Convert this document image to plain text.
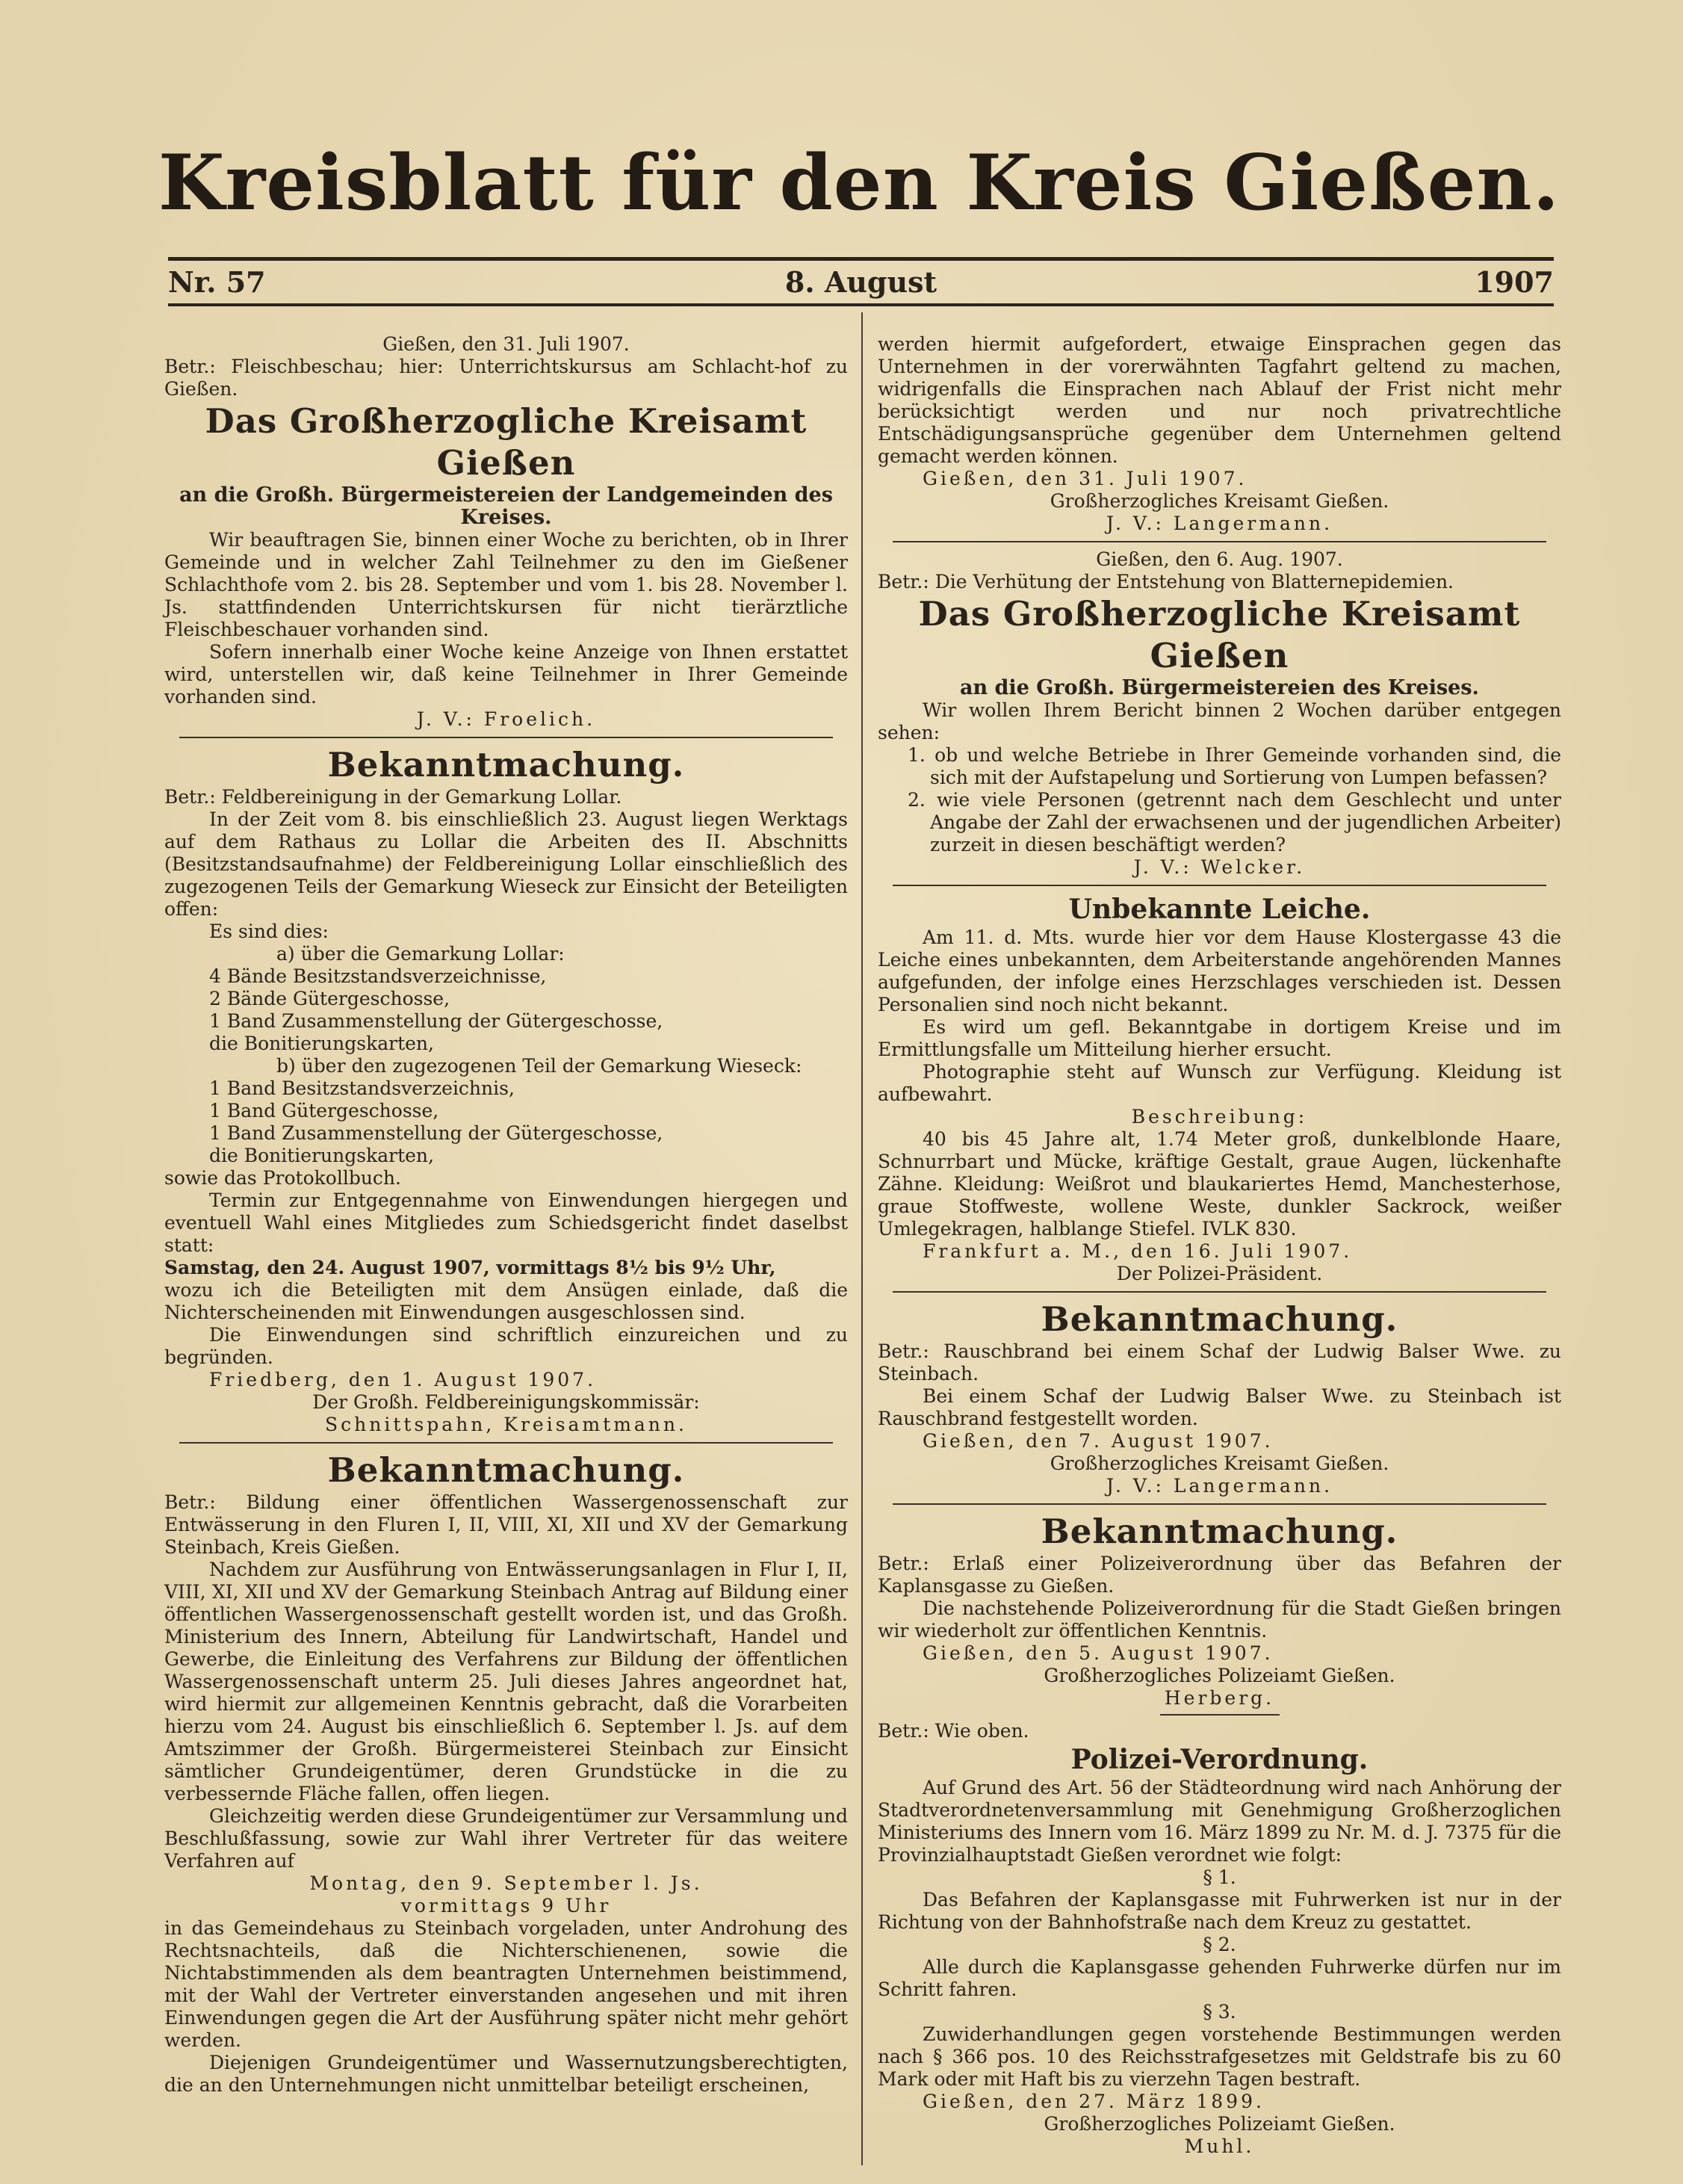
Kreisblatt für den Kreis Gießen.
Nr. 57	8. August	1907

Gießen, den 31. Juli 1907.

Betr.: Fleischbeschau; hier: Unterrichtskursus am Schlacht-hof zu Gießen.

Das Großherzogliche Kreisamt Gießen

an die Großh. Bürgermeistereien der Landgemeinden des Kreises.

Wir beauftragen Sie, binnen einer Woche zu berichten, ob in Ihrer Gemeinde und in welcher Zahl Teilnehmer zu den im Gießener Schlachthofe vom 2. bis 28. September und vom 1. bis 28. November l. Js. stattfindenden Unterrichtskursen für nicht tierärztliche Fleischbeschauer vorhanden sind.

Sofern innerhalb einer Woche keine Anzeige von Ihnen erstattet wird, unterstellen wir, daß keine Teilnehmer in Ihrer Gemeinde vorhanden sind.

J. V.: Froelich.

Bekanntmachung.

Betr.: Feldbereinigung in der Gemarkung Lollar.

In der Zeit vom 8. bis einschließlich 23. August liegen Werktags auf dem Rathaus zu Lollar die Arbeiten des II. Abschnitts (Besitzstandsaufnahme) der Feldbereinigung Lollar einschließlich des zugezogenen Teils der Gemarkung Wieseck zur Einsicht der Beteiligten offen:

Es sind dies:

a) über die Gemarkung Lollar:

4 Bände Besitzstandsverzeichnisse,

2 Bände Gütergeschosse,

1 Band Zusammenstellung der Gütergeschosse,

die Bonitierungskarten,

b) über den zugezogenen Teil der Gemarkung Wieseck:

1 Band Besitzstandsverzeichnis,

1 Band Gütergeschosse,

1 Band Zusammenstellung der Gütergeschosse,

die Bonitierungskarten,

sowie das Protokollbuch.

Termin zur Entgegennahme von Einwendungen hiergegen und eventuell Wahl eines Mitgliedes zum Schiedsgericht findet daselbst statt:

Samstag, den 24. August 1907, vormittags 8½ bis 9½ Uhr,

wozu ich die Beteiligten mit dem Ansügen einlade, daß die Nichterscheinenden mit Einwendungen ausgeschlossen sind.

Die Einwendungen sind schriftlich einzureichen und zu begründen.

Friedberg, den 1. August 1907.

Der Großh. Feldbereinigungskommissär:

Schnittspahn, Kreisamtmann.

Bekanntmachung.

Betr.: Bildung einer öffentlichen Wassergenossenschaft zur Entwässerung in den Fluren I, II, VIII, XI, XII und XV der Gemarkung Steinbach, Kreis Gießen.

Nachdem zur Ausführung von Entwässerungsanlagen in Flur I, II, VIII, XI, XII und XV der Gemarkung Steinbach Antrag auf Bildung einer öffentlichen Wassergenossenschaft gestellt worden ist, und das Großh. Ministerium des Innern, Abteilung für Landwirtschaft, Handel und Gewerbe, die Einleitung des Verfahrens zur Bildung der öffentlichen Wassergenossenschaft unterm 25. Juli dieses Jahres angeordnet hat, wird hiermit zur allgemeinen Kenntnis gebracht, daß die Vorarbeiten hierzu vom 24. August bis einschließlich 6. September l. Js. auf dem Amtszimmer der Großh. Bürgermeisterei Steinbach zur Einsicht sämtlicher Grundeigentümer, deren Grundstücke in die zu verbessernde Fläche fallen, offen liegen.

Gleichzeitig werden diese Grundeigentümer zur Versammlung und Beschlußfassung, sowie zur Wahl ihrer Vertreter für das weitere Verfahren auf

Montag, den 9. September l. Js.

vormittags 9 Uhr

in das Gemeindehaus zu Steinbach vorgeladen, unter Androhung des Rechtsnachteils, daß die Nichterschienenen, sowie die Nichtabstimmenden als dem beantragten Unternehmen beistimmend, mit der Wahl der Vertreter einverstanden angesehen und mit ihren Einwendungen gegen die Art der Ausführung später nicht mehr gehört werden.

Diejenigen Grundeigentümer und Wassernutzungsberechtigten, die an den Unternehmungen nicht unmittelbar beteiligt erscheinen,

werden hiermit aufgefordert, etwaige Einsprachen gegen das Unternehmen in der vorerwähnten Tagfahrt geltend zu machen, widrigenfalls die Einsprachen nach Ablauf der Frist nicht mehr berücksichtigt werden und nur noch privatrechtliche Entschädigungsansprüche gegenüber dem Unternehmen geltend gemacht werden können.

Gießen, den 31. Juli 1907.

Großherzogliches Kreisamt Gießen.

J. V.: Langermann.

Gießen, den 6. Aug. 1907.

Betr.: Die Verhütung der Entstehung von Blatternepidemien.

Das Großherzogliche Kreisamt Gießen

an die Großh. Bürgermeistereien des Kreises.

Wir wollen Ihrem Bericht binnen 2 Wochen darüber entgegen sehen:

1. ob und welche Betriebe in Ihrer Gemeinde vorhanden sind, die sich mit der Aufstapelung und Sortierung von Lumpen befassen?

2. wie viele Personen (getrennt nach dem Geschlecht und unter Angabe der Zahl der erwachsenen und der jugendlichen Arbeiter) zurzeit in diesen beschäftigt werden?

J. V.: Welcker.

Unbekannte Leiche.

Am 11. d. Mts. wurde hier vor dem Hause Klostergasse 43 die Leiche eines unbekannten, dem Arbeiterstande angehörenden Mannes aufgefunden, der infolge eines Herzschlages verschieden ist. Dessen Personalien sind noch nicht bekannt.

Es wird um gefl. Bekanntgabe in dortigem Kreise und im Ermittlungsfalle um Mitteilung hierher ersucht.

Photographie steht auf Wunsch zur Verfügung. Kleidung ist aufbewahrt.

Beschreibung:

40 bis 45 Jahre alt, 1.74 Meter groß, dunkelblonde Haare, Schnurrbart und Mücke, kräftige Gestalt, graue Augen, lückenhafte Zähne. Kleidung: Weißrot und blaukariertes Hemd, Manchesterhose, graue Stoffweste, wollene Weste, dunkler Sackrock, weißer Umlegekragen, halblange Stiefel. IVLK 830.

Frankfurt a. M., den 16. Juli 1907.

Der Polizei-Präsident.

Bekanntmachung.

Betr.: Rauschbrand bei einem Schaf der Ludwig Balser Wwe. zu Steinbach.

Bei einem Schaf der Ludwig Balser Wwe. zu Steinbach ist Rauschbrand festgestellt worden.

Gießen, den 7. August 1907.

Großherzogliches Kreisamt Gießen.

J. V.: Langermann.

Bekanntmachung.

Betr.: Erlaß einer Polizeiverordnung über das Befahren der Kaplansgasse zu Gießen.

Die nachstehende Polizeiverordnung für die Stadt Gießen bringen wir wiederholt zur öffentlichen Kenntnis.

Gießen, den 5. August 1907.

Großherzogliches Polizeiamt Gießen.

Herberg.

Betr.: Wie oben.

Polizei-Verordnung.

Auf Grund des Art. 56 der Städteordnung wird nach Anhörung der Stadtverordnetenversammlung mit Genehmigung Großherzoglichen Ministeriums des Innern vom 16. März 1899 zu Nr. M. d. J. 7375 für die Provinzialhauptstadt Gießen verordnet wie folgt:

§ 1.

Das Befahren der Kaplansgasse mit Fuhrwerken ist nur in der Richtung von der Bahnhofstraße nach dem Kreuz zu gestattet.

§ 2.

Alle durch die Kaplansgasse gehenden Fuhrwerke dürfen nur im Schritt fahren.

§ 3.

Zuwiderhandlungen gegen vorstehende Bestimmungen werden nach § 366 pos. 10 des Reichsstrafgesetzes mit Geldstrafe bis zu 60 Mark oder mit Haft bis zu vierzehn Tagen bestraft.

Gießen, den 27. März 1899.

Großherzogliches Polizeiamt Gießen.

Muhl.
